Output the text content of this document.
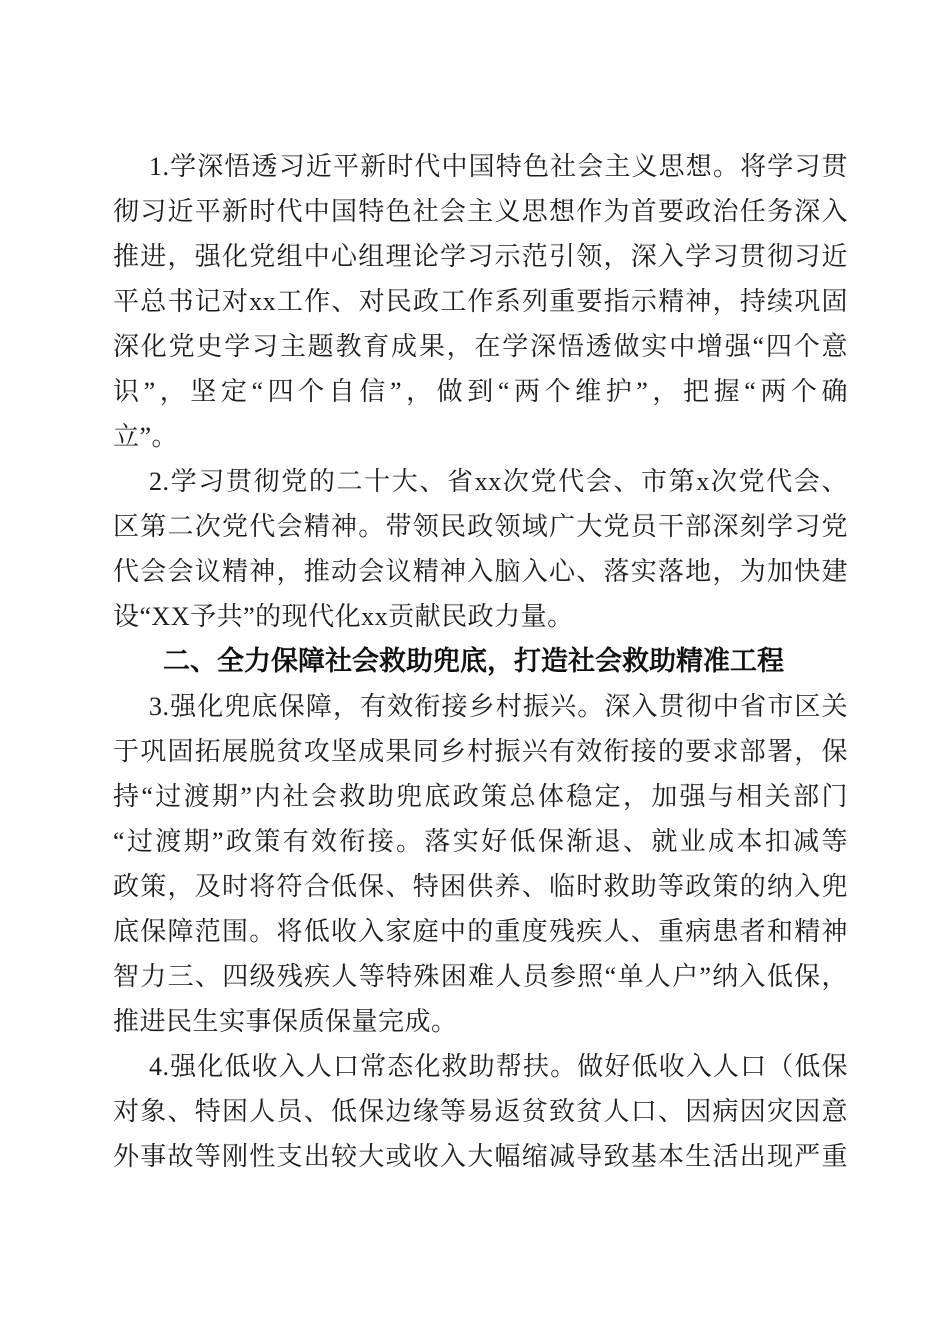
1.学深悟透习近平新时代中国特色社会主义思想。将学习贯
彻习近平新时代中国特色社会主义思想作为首要政治任务深入
推进，强化党组中心组理论学习示范引领，深入学习贯彻习近
平总书记对xx工作、对民政工作系列重要指示精神，持续巩固
深化党史学习主题教育成果，在学深悟透做实中增强“四个意
识”，坚定“四个自信”，做到“两个维护”，把握“两个确
立”。
2.学习贯彻党的二十大、省xx次党代会、市第x次党代会、
区第二次党代会精神。带领民政领域广大党员干部深刻学习党
代会会议精神，推动会议精神入脑入心、落实落地，为加快建
设“XX予共”的现代化xx贡献民政力量。
二、全力保障社会救助兜底，打造社会救助精准工程
3.强化兜底保障，有效衔接乡村振兴。深入贯彻中省市区关
于巩固拓展脱贫攻坚成果同乡村振兴有效衔接的要求部署，保
持“过渡期”内社会救助兜底政策总体稳定，加强与相关部门
“过渡期”政策有效衔接。落实好低保渐退、就业成本扣减等
政策，及时将符合低保、特困供养、临时救助等政策的纳入兜
底保障范围。将低收入家庭中的重度残疾人、重病患者和精神
智力三、四级残疾人等特殊困难人员参照“单人户”纳入低保，
推进民生实事保质保量完成。
4.强化低收入人口常态化救助帮扶。做好低收入人口（低保
对象、特困人员、低保边缘等易返贫致贫人口、因病因灾因意
外事故等刚性支出较大或收入大幅缩减导致基本生活出现严重
